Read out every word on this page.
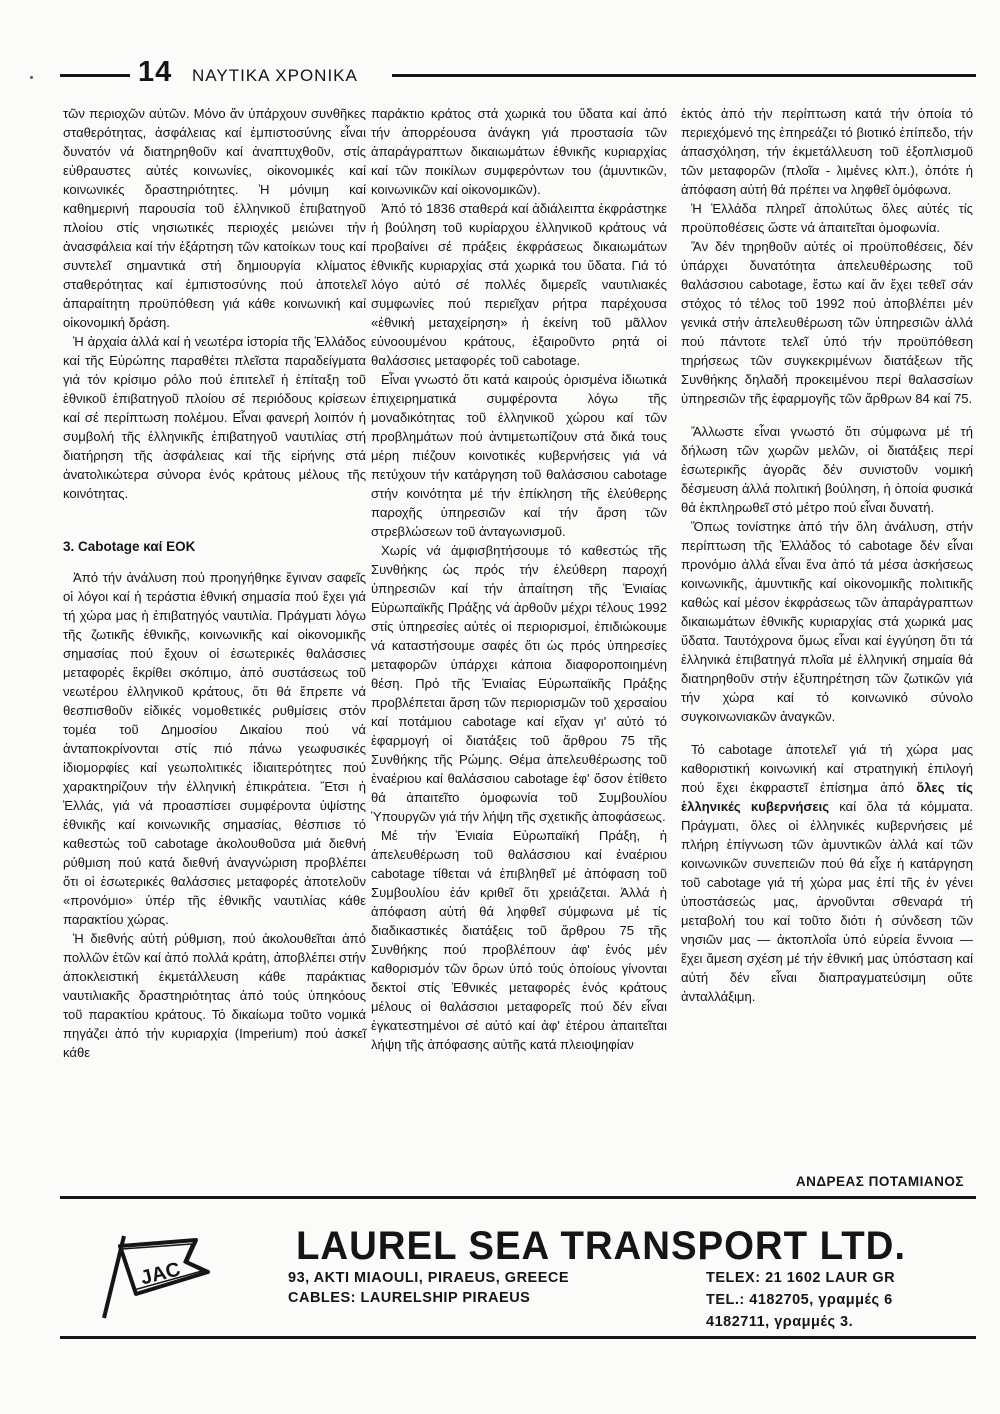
14 ΝΑΥΤΙΚΑ ΧΡΟΝΙΚΑ

τῶν περιοχῶν αὐτῶν. Μόνο ἄν ὑπάρχουν συνθῆκες σταθερότητας, ἀσφάλειας καί ἐμπιστοσύνης εἶναι δυνατόν νά διατηρηθοῦν καί ἀναπτυχθοῦν, στίς εὐθραυστες αὐτές κοινωνίες, οἰκονομικές καί κοινωνικές δραστηριότητες. Ἡ μόνιμη καί καθημερινή παρουσία τοῦ ἑλληνικοῦ ἐπιβατηγοῦ πλοίου στίς νησιωτικές περιοχές μειώνει τήν ἀνασφάλεια καί τήν ἐξάρτηση τῶν κατοίκων τους καί συντελεῖ σημαντικά στή δημιουργία κλίματος σταθερότητας καί ἐμπιστοσύνης πού ἀποτελεῖ ἀπαραίτητη προϋπόθεση γιά κάθε κοινωνική καί οἰκονομική δράση.

Ἡ ἀρχαία ἀλλά καί ἡ νεωτέρα ἱστορία τῆς Ἑλλάδος καί τῆς Εὐρώπης παραθέτει πλεῖστα παραδείγματα γιά τόν κρίσιμο ρόλο πού ἐπιτελεῖ ἡ ἐπίταξη τοῦ ἐθνικοῦ ἐπιβατηγοῦ πλοίου σέ περιόδους κρίσεων καί σέ περίπτωση πολέμου. Εἶναι φανερή λοιπόν ἡ συμβολή τῆς ἑλληνικῆς ἐπιβατηγοῦ ναυτιλίας στή διατήρηση τῆς ἀσφάλειας καί τῆς εἰρήνης στά ἀνατολικώτερα σύνορα ἑνός κράτους μέλους τῆς κοινότητας.

3. Cabotage καί ΕΟΚ

Ἀπό τήν ἀνάλυση πού προηγήθηκε ἔγιναν σαφεῖς οἱ λόγοι καί ἡ τεράστια ἐθνική σημασία πού ἔχει γιά τή χώρα μας ἡ ἐπιβατηγός ναυτιλία. Πράγματι λόγω τῆς ζωτικῆς ἐθνικῆς, κοινωνικῆς καί οἰκονομικῆς σημασίας πού ἔχουν οἱ ἐσωτερικές θαλάσσιες μεταφορές ἔκρίθει σκόπιμο, ἀπό συστάσεως τοῦ νεωτέρου ἑλληνικοῦ κράτους, ὅτι θά ἔπρεπε νά θεσπισθοῦν εἰδικές νομοθετικές ρυθμίσεις στόν τομέα τοῦ Δημοσίου Δικαίου πού νά ἀνταποκρίνονται στίς πιό πάνω γεωφυσικές ἰδιομορφίες καί γεωπολιτικές ἰδιαιτερότητες πού χαρακτηρίζουν τήν ἑλληνική ἐπικράτεια. Ἔτσι ἡ Ἑλλάς, γιά νά προασπίσει συμφέροντα ὑψίστης ἐθνικῆς καί κοινωνικῆς σημασίας, θέσπισε τό καθεστώς τοῦ cabotage ἀκολουθοῦσα μιά διεθνή ρύθμιση πού κατά διεθνή ἀναγνώριση προβλέπει ὅτι οἱ ἐσωτερικές θαλάσσιες μεταφορές ἀποτελοῦν «προνόμιο» ὑπέρ τῆς ἐθνικῆς ναυτιλίας κάθε παρακτίου χώρας.

Ἡ διεθνής αὐτή ρύθμιση, πού ἀκολουθεῖται ἀπό πολλῶν ἐτῶν καί ἀπό πολλά κράτη, ἀποβλέπει στήν ἀποκλειστική ἐκμετάλλευση κάθε παράκτιας ναυτιλιακῆς δραστηριότητας ἀπό τούς ὑπηκόους τοῦ παρακτίου κράτους. Τό δικαίωμα τοῦτο νομικά πηγάζει ἀπό τήν κυριαρχία (Imperium) πού ἀσκεῖ κάθε

παράκτιο κράτος στά χωρικά του ὕδατα καί ἀπό τήν ἀπορρέουσα ἀνάγκη γιά προστασία τῶν ἀπαράγραπτων δικαιωμάτων ἐθνικῆς κυριαρχίας καί τῶν ποικίλων συμφερόντων του (ἀμυντικῶν, κοινωνικῶν καί οἰκονομικῶν).

Ἀπό τό 1836 σταθερά καί ἀδιάλειπτα ἐκφράστηκε ἡ βούληση τοῦ κυρίαρχου ἑλληνικοῦ κράτους νά προβαίνει σέ πράξεις ἐκφράσεως δικαιωμάτων ἐθνικῆς κυριαρχίας στά χωρικά του ὕδατα. Γιά τό λόγο αὐτό σέ πολλές διμερεῖς ναυτιλιακές συμφωνίες πού περιεῖχαν ρήτρα παρέχουσα «ἐθνική μεταχείρηση» ἡ ἐκείνη τοῦ μᾶλλον εὐνοουμένου κράτους, ἐξαιροῦντο ρητά οἱ θαλάσσιες μεταφορές τοῦ cabotage.

Εἶναι γνωστό ὅτι κατά καιρούς ὁρισμένα ἰδιωτικά ἐπιχειρηματικά συμφέροντα λόγω τῆς μοναδικότητας τοῦ ἑλληνικοῦ χώρου καί τῶν προβλημάτων πού ἀντιμετωπίζουν στά δικά τους μέρη πιέζουν κοινοτικές κυβερνήσεις γιά νά πετύχουν τήν κατάργηση τοῦ θαλάσσιου cabotage στήν κοινότητα μέ τήν ἐπίκληση τῆς ἐλεύθερης παροχῆς ὑπηρεσιῶν καί τήν ἄρση τῶν στρεβλώσεων τοῦ ἀνταγωνισμοῦ.

Χωρίς νά ἀμφισβητήσουμε τό καθεστώς τῆς Συνθήκης ὡς πρός τήν ἐλεύθερη παροχή ὑπηρεσιῶν καί τήν ἀπαίτηση τῆς Ἑνιαίας Εὐρωπαϊκῆς Πράξης νά ἀρθοῦν μέχρι τέλους 1992 στίς ὑπηρεσίες αὐτές οἱ περιορισμοί, ἐπιδιώκουμε νά καταστήσουμε σαφές ὅτι ὡς πρός ὑπηρεσίες μεταφορῶν ὑπάρχει κάποια διαφοροποιημένη θέση. Πρό τῆς Ἑνιαίας Εὐρωπαϊκῆς Πράξης προβλέπεται ἄρση τῶν περιορισμῶν τοῦ χερσαίου καί ποτάμιου cabotage καί εἴχαν γι' αὐτό τό ἐφαρμογή οἱ διατάξεις τοῦ ἄρθρου 75 τῆς Συνθήκης τῆς Ρώμης. Θέμα ἀπελευθέρωσης τοῦ ἐναέριου καί θαλάσσιου cabotage ἐφ' ὅσον ἐτίθετο θά ἀπαιτεῖτο ὁμοφωνία τοῦ Συμβουλίου Ὑπουργῶν γιά τήν λήψη τῆς σχετικῆς ἀποφάσεως.

Μέ τήν Ἑνιαία Εὐρωπαϊκή Πράξη, ἡ ἀπελευθέρωση τοῦ θαλάσσιου καί ἐναέριου cabotage τίθεται νά ἐπιβληθεῖ μέ ἀπόφαση τοῦ Συμβουλίου ἐάν κριθεῖ ὅτι χρειάζεται. Ἀλλά ἡ ἀπόφαση αὐτή θά ληφθεῖ σύμφωνα μέ τίς διαδικαστικές διατάξεις τοῦ ἄρθρου 75 τῆς Συνθήκης πού προβλέπουν ἀφ' ἑνός μέν καθορισμόν τῶν ὅρων ὑπό τούς ὁποίους γίνονται δεκτοί στίς Ἐθνικές μεταφορές ἑνός κράτους μέλους οἱ θαλάσσιοι μεταφορεῖς πού δέν εἶναι ἐγκατεστημένοι σέ αὐτό καί ἀφ' ἑτέρου ἀπαιτεῖται λήψη τῆς ἀπόφασης αὐτῆς κατά πλειοψηφίαν

ἐκτός ἀπό τήν περίπτωση κατά τήν ὁποία τό περιεχόμενό της ἐπηρεάζει τό βιοτικό ἐπίπεδο, τήν ἀπασχόληση, τήν ἐκμετάλλευση τοῦ ἐξοπλισμοῦ τῶν μεταφορῶν (πλοῖα - λιμένες κλπ.), ὁπότε ἡ ἀπόφαση αὐτή θά πρέπει να ληφθεῖ ὁμόφωνα.

Ἡ Ἑλλάδα πληρεῖ ἀπολύτως ὅλες αὐτές τίς προϋποθέσεις ὥστε νά ἀπαιτεῖται ὁμοφωνία.

Ἄν δέν τηρηθοῦν αὐτές οἱ προϋποθέσεις, δέν ὑπάρχει δυνατότητα ἀπελευθέρωσης τοῦ θαλάσσιου cabotage, ἔστω καί ἄν ἔχει τεθεῖ σάν στόχος τό τέλος τοῦ 1992 πού ἀποβλέπει μέν γενικά στήν ἀπελευθέρωση τῶν ὑπηρεσιῶν ἀλλά πού πάντοτε τελεῖ ὑπό τήν προϋπόθεση τηρήσεως τῶν συγκεκριμένων διατάξεων τῆς Συνθήκης δηλαδή προκειμένου περί θαλασσίων ὑπηρεσιῶν τῆς ἐφαρμογῆς τῶν ἄρθρων 84 καί 75.

Ἄλλωστε εἶναι γνωστό ὅτι σύμφωνα μέ τή δήλωση τῶν χωρῶν μελῶν, οἱ διατάξεις περί ἐσωτερικῆς ἀγορᾶς δέν συνιστοῦν νομική δέσμευση ἀλλά πολιτική βούληση, ἡ ὁποία φυσικά θά ἐκπληρωθεῖ στό μέτρο πού εἶναι δυνατή.

Ὅπως τονίστηκε ἀπό τήν ὅλη ἀνάλυση, στήν περίπτωση τῆς Ἑλλάδος τό cabotage δέν εἶναι προνόμιο ἀλλά εἶναι ἕνα ἀπό τά μέσα ἀσκήσεως κοινωνικῆς, ἀμυντικῆς καί οἰκονομικῆς πολιτικῆς καθώς καί μέσον ἐκφράσεως τῶν ἀπαράγραπτων δικαιωμάτων ἐθνικῆς κυριαρχίας στά χωρικά μας ὕδατα. Ταυτόχρονα ὅμως εἶναι καί ἐγγύηση ὅτι τά ἑλληνικά ἐπιβατηγά πλοῖα μέ ἑλληνική σημαία θά διατηρηθοῦν στήν ἐξυπηρέτηση τῶν ζωτικῶν γιά τήν χώρα καί τό κοινωνικό σύνολο συγκοινωνιακῶν ἀναγκῶν.

Τό cabotage ἀποτελεῖ γιά τή χώρα μας καθοριστική κοινωνική καί στρατηγική ἐπιλογή πού ἔχει ἐκφραστεῖ ἐπίσημα ἀπό ὅλες τίς ἑλληνικές κυβερνήσεις καί ὅλα τά κόμματα. Πράγματι, ὅλες οἱ ἑλληνικές κυβερνήσεις μέ πλήρη ἐπίγνωση τῶν ἀμυντικῶν ἀλλά καί τῶν κοινωνικῶν συνεπειῶν πού θά εἶχε ἡ κατάργηση τοῦ cabotage γιά τή χώρα μας ἐπί τῆς ἐν γένει ὑποστάσεώς μας, ἀρνοῦνται σθεναρά τή μεταβολή του καί τοῦτο διότι ἡ σύνδεση τῶν νησιῶν μας — ἀκτοπλοΐα ὑπό εὐρεία ἔννοια — ἔχει ἄμεση σχέση μέ τήν ἐθνική μας ὑπόσταση καί αὐτή δέν εἶναι διαπραγματεύσιμη οὔτε ἀνταλλάξιμη.

ΑΝΔΡΕΑΣ ΠΟΤΑΜΙΑΝΟΣ
JAC
LAUREL SEA TRANSPORT LTD.
93, AKTI MIAOULI, PIRAEUS, GREECE
CABLES: LAURELSHIP PIRAEUS
TELEX: 21 1602 LAUR GR
TEL.: 4182705, γραμμές 6
4182711, γραμμές 3.
